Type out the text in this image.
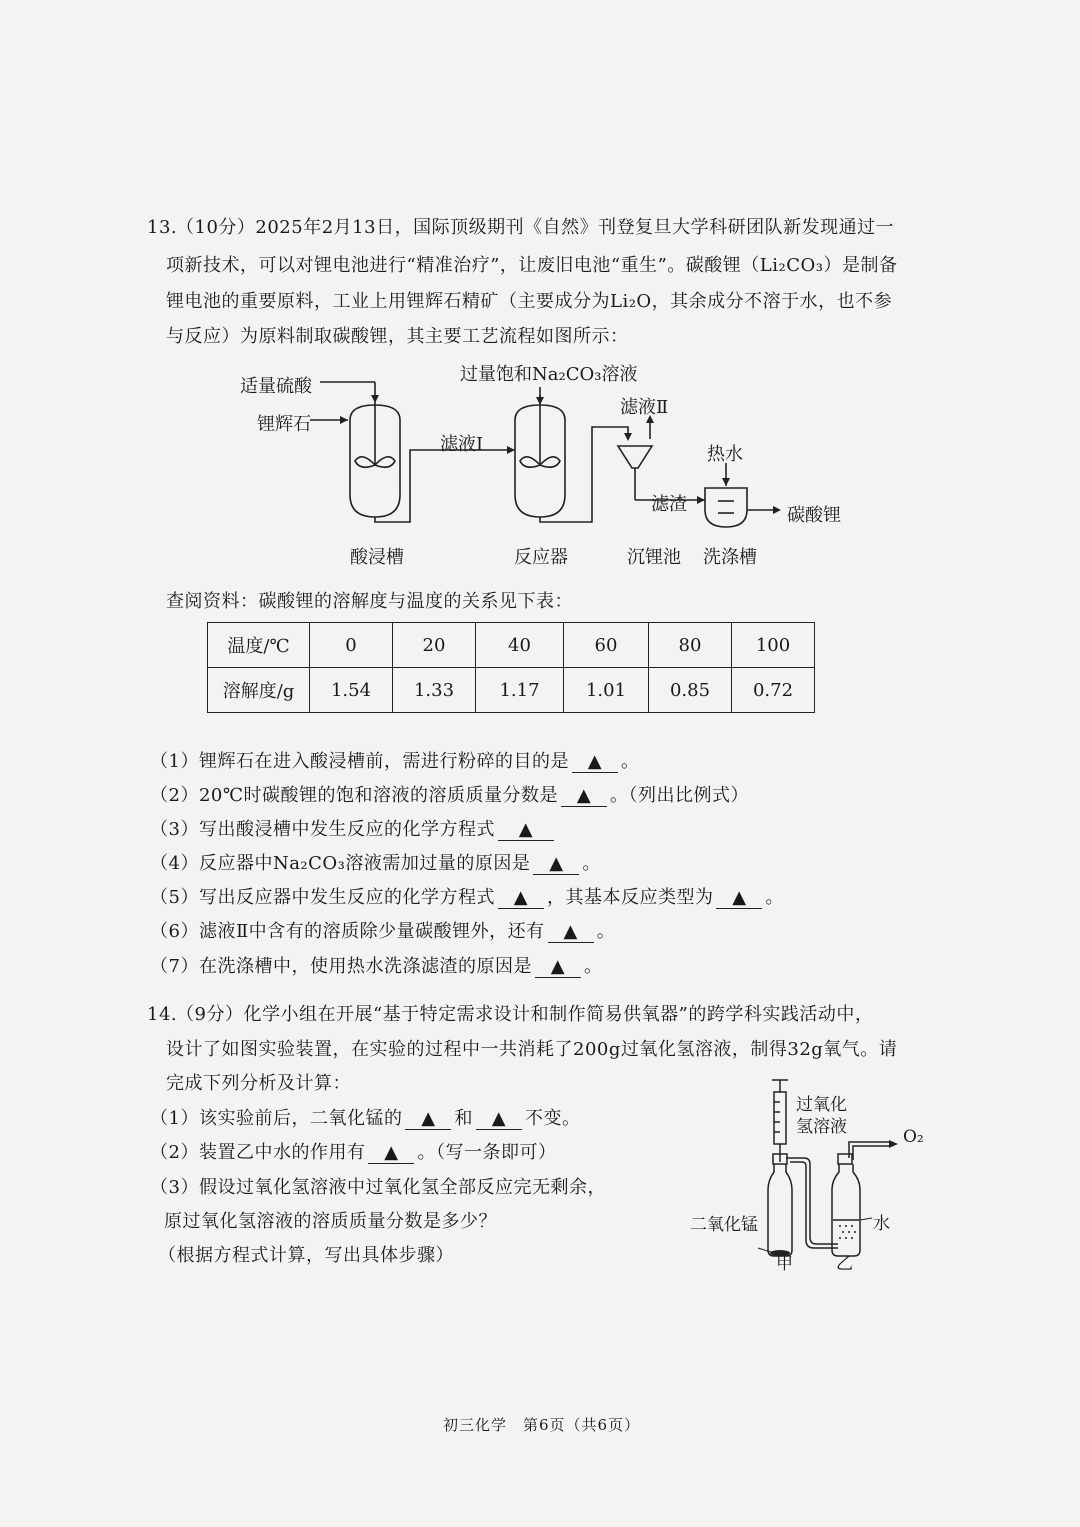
13.
（10分）2025年2月13日，国际顶级期刊《自然》刊登复旦大学科研团队新发现通过一
项新技术，可以对锂电池进行“精准治疗”，让废旧电池“重生”。碳酸锂（Li₂CO₃）是制备
锂电池的重要原料，工业上用锂辉石精矿（主要成分为Li₂O，其余成分不溶于水，也不参
与反应）为原料制取碳酸锂，其主要工艺流程如图所示：
适量硫酸
锂辉石
过量饱和Na₂CO₃溶液
滤液Ⅰ
滤液Ⅱ
滤渣
热水
碳酸锂
酸浸槽	反应器	沉锂池 洗涤槽
查阅资料：碳酸锂的溶解度与温度的关系见下表：
温度/℃	0	20	40	60	80	100
溶解度/g	1.54	1.33	1.17	1.01	0.85	0.72
（1）锂辉石在进入酸浸槽前，需进行粉碎的目的是 ▲ 。
（2）20℃时碳酸锂的饱和溶液的溶质质量分数是 ▲ 。（列出比例式）
（3）写出酸浸槽中发生反应的化学方程式 ▲
（4）反应器中Na₂CO₃溶液需加过量的原因是 ▲ 。
（5）写出反应器中发生反应的化学方程式 ▲ ，其基本反应类型为 ▲ 。
（6）滤液Ⅱ中含有的溶质除少量碳酸锂外，还有 ▲ 。
（7）在洗涤槽中，使用热水洗涤滤渣的原因是 ▲ 。
14.
（9分）化学小组在开展“基于特定需求设计和制作简易供氧器”的跨学科实践活动中，
设计了如图实验装置，在实验的过程中一共消耗了200g过氧化氢溶液，制得32g氧气。请
完成下列分析及计算：
（1）该实验前后，二氧化锰的 ▲ 和 ▲ 不变。
（2）装置乙中水的作用有 ▲ 。（写一条即可）
（3）假设过氧化氢溶液中过氧化氢全部反应完无剩余，
原过氧化氢溶液的溶质质量分数是多少？
（根据方程式计算，写出具体步骤）
过氧化
氢溶液	O₂
二氧化锰	水
甲	乙
初三化学　第6页（共6页）
